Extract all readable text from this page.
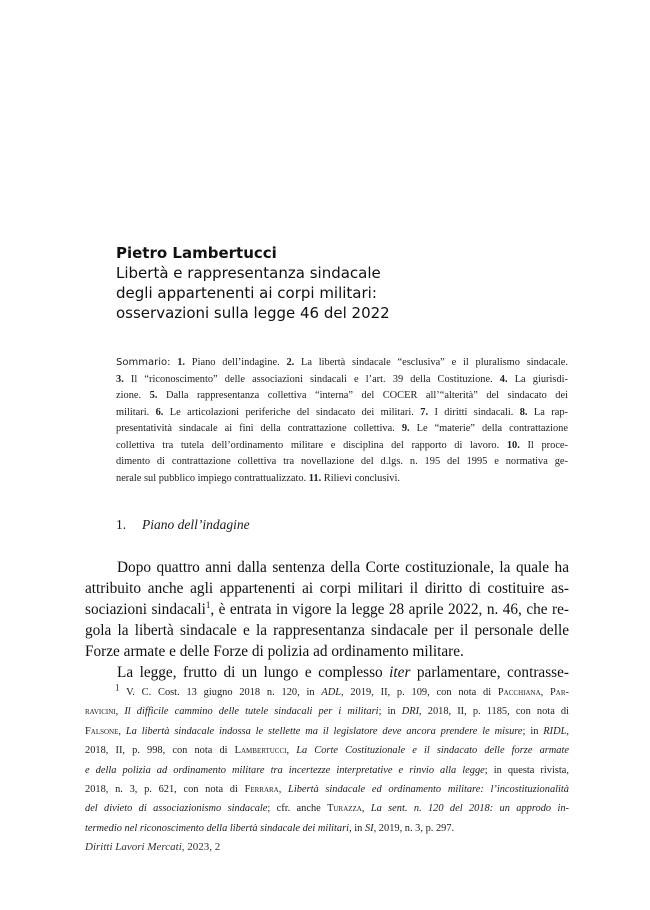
Pietro Lambertucci
Libertà e rappresentanza sindacale
degli appartenenti ai corpi militari:
osservazioni sulla legge 46 del 2022
Sommario: 1. Piano dell’indagine. 2. La libertà sindacale “esclusiva” e il pluralismo sindacale.
3. Il “riconoscimento” delle associazioni sindacali e l’art. 39 della Costituzione. 4. La giurisdi-
zione. 5. Dalla rappresentanza collettiva “interna” del COCER all’“alterità” del sindacato dei
militari. 6. Le articolazioni periferiche del sindacato dei militari. 7. I diritti sindacali. 8. La rap-
presentatività sindacale ai fini della contrattazione collettiva. 9. Le “materie” della contrattazione
collettiva tra tutela dell’ordinamento militare e disciplina del rapporto di lavoro. 10. Il proce-
dimento di contrattazione collettiva tra novellazione del d.lgs. n. 195 del 1995 e normativa ge-
nerale sul pubblico impiego contrattualizzato. 11. Rilievi conclusivi.
1. Piano dell’indagine
Dopo quattro anni dalla sentenza della Corte costituzionale, la quale ha
attribuito anche agli appartenenti ai corpi militari il diritto di costituire as-
sociazioni sindacali$^1$, è entrata in vigore la legge 28 aprile 2022, n. 46, che re-
gola la libertà sindacale e la rappresentanza sindacale per il personale delle
Forze armate e delle Forze di polizia ad ordinamento militare.
La legge, frutto di un lungo e complesso iter parlamentare, contrasse-
$^1$ V. C. Cost. 13 giugno 2018 n. 120, in ADL, 2019, II, p. 109, con nota di Pacchiana, Par-
ravicini, Il difficile cammino delle tutele sindacali per i militari; in DRI, 2018, II, p. 1185, con nota di
Falsone, La libertà sindacale indossa le stellette ma il legislatore deve ancora prendere le misure; in RIDL,
2018, II, p. 998, con nota di Lambertucci, La Corte Costituzionale e il sindacato delle forze armate
e della polizia ad ordinamento militare tra incertezze interpretative e rinvio alla legge; in questa rivista,
2018, n. 3, p. 621, con nota di Ferrara, Libertà sindacale ed ordinamento militare: l’incostituzionalità
del divieto di associazionismo sindacale; cfr. anche Turazza, La sent. n. 120 del 2018: un approdo in-
termedio nel riconoscimento della libertà sindacale dei militari, in SI, 2019, n. 3, p. 297.
Diritti Lavori Mercati, 2023, 2
